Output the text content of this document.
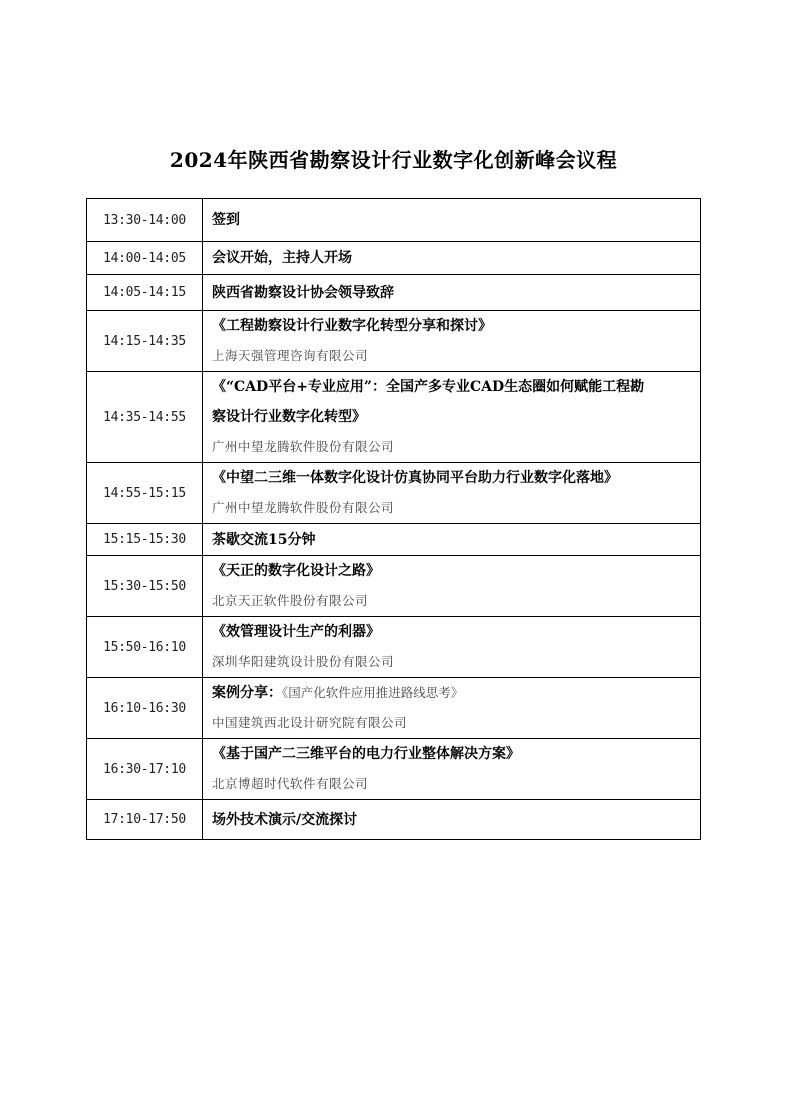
2024年陕西省勘察设计行业数字化创新峰会议程
13:30-14:00	签到

14:00-14:05	会议开始，主持人开场

14:05-14:15	陕西省勘察设计协会领导致辞

14:15-14:35	《工程勘察设计行业数字化转型分享和探讨》
上海天强管理咨询有限公司

14:35-14:55	《“CAD平台+专业应用”：全国产多专业CAD生态圈如何赋能工程勘
察设计行业数字化转型》
广州中望龙腾软件股份有限公司

14:55-15:15	《中望二三维一体数字化设计仿真协同平台助力行业数字化落地》
广州中望龙腾软件股份有限公司

15:15-15:30	茶歇交流15分钟

15:30-15:50	《天正的数字化设计之路》
北京天正软件股份有限公司

15:50-16:10	《效管理设计生产的利器》
深圳华阳建筑设计股份有限公司

16:10-16:30	案例分享：《国产化软件应用推进路线思考》
中国建筑西北设计研究院有限公司

16:30-17:10	《基于国产二三维平台的电力行业整体解决方案》
北京博超时代软件有限公司

17:10-17:50	场外技术演示/交流探讨
